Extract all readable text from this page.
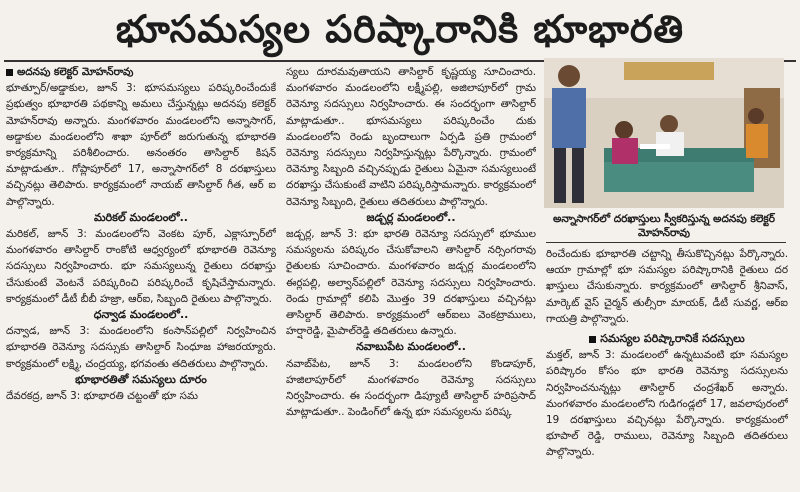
భూసమస్యల పరిష్కారానికి భూభారతి

అదనపు కలెక్టర్ మోహన్‌రావు

భూత్పూర్/అడ్డాకుల, జూన్ 3: భూసమస్యలు పరిష్కరించేందుకే ప్రభుత్వం భూభారతి పథకాన్ని అమలు చేస్తున్నట్లు అదనపు కలెక్టర్ మోహన్‌రావు అన్నారు. మంగళవారం మండలంలోని అన్నాసాగర్, అడ్డాకుల మండలంలోని శాఖా పూర్‌లో జరుగుతున్న భూభారతి కార్యక్రమాన్ని పరిశీలించారు. అనంతరం తాసిల్దార్ కిషన్ మాట్లాడుతూ.. గోప్లాపూర్‌లో 17, అన్నాసాగర్‌లో 8 దరఖాస్తులు వచ్చినట్లు తెలిపారు. కార్యక్రమంలో నాయబ్ తాసిల్దార్ గీత, ఆర్ ఐ పాల్గొన్నారు.

మరికల్ మండలంలో..

మరికల్, జూన్ 3: మండలంలోని వెంకట పూర్, ఎక్లాస్పూర్‌లో మంగళవారం తాసిల్దార్ రాంకోటి ఆధ్వర్యంలో భూభారతి రెవెన్యూ సదస్సులు నిర్వహించారు. భూ సమస్యలున్న రైతులు దరఖాస్తు చేసుకుంటే వెంటనే పరిష్కరించి పరిష్కరించే కృషిచేస్తామన్నారు. కార్యక్రమంలో డీటీ బీబీ హజ్రా, ఆర్ఐ, సిబ్బంది రైతులు పాల్గొన్నారు.

ధన్వాడ మండలంలో..

దన్వాడ, జూన్ 3: మండలంలోని కంసాన్‌పల్లిలో నిర్వహించిన భూభారతి రెవెన్యూ సదస్సుకు తాసిల్దార్ సింధూజ హాజరయ్యారు. కార్యక్రమంలో లక్ష్మి, చంద్రయ్య, భగవంతు తదితరులు పాల్గొన్నారు.

భూభారతితో సమస్యలు దూరం

దేవరకద్ర, జూన్ 3: భూభారతి చట్టంతో భూ సమ

స్యలు దూరమవుతాయని తాసిల్దార్ కృష్ణయ్య సూచించారు. మంగళవారం మండలంలోని లక్ష్మీపల్లి, అజిలాపూర్‌లో గ్రామ రెవెన్యూ సదస్సులు నిర్వహించారు. ఈ సందర్భంగా తాసిల్దార్ మాట్లాడుతూ.. భూసమస్యలు పరిష్కరించేం దుకు మండలంలోని రెండు బృందాలుగా ఏర్పడి ప్రతి గ్రామంలో రెవెన్యూ సదస్సులు నిర్వహిస్తున్నట్లు పేర్కొన్నారు. గ్రామంలో రెవెన్యూ సిబ్బంది వచ్చినప్పుడు రైతులు ఏమైనా సమస్యలుంటే దరఖాస్తు చేసుకుంటే వాటిని పరిష్కరిస్తామన్నారు. కార్యక్రమంలో రెవెన్యూ సిబ్బంది, రైతులు తదితరులు పాల్గొన్నారు.

జడ్చర్ల మండలంలో..

జడ్చర్ల, జూన్ 3: భూ భారతి రెవెన్యూ సదస్సులో భూముల సమస్యలను పరిష్కరం చేసుకోవాలని తాసిల్దార్ నర్సింగరావు రైతులకు సూచించారు. మంగళవారం జడ్చర్ల మండలంలోని ఈర్లపల్లి, అల్వాన్‌పల్లిలో రెవెన్యూ సదస్సులు నిర్వహించారు. రెండు గ్రామాల్లో కలిపి మొత్తం 39 దరఖాస్తులు వచ్చినట్లు తాసిల్దార్ తెలిపారు. కార్యక్రమంలో ఆర్ఐలు వెంకట్రాములు, హర్షారెడ్డి, మైపాల్‌రెడ్డి తదితరులు ఉన్నారు.

నవాబుపేట మండలంలో..

నవాబ్‌పేట, జూన్ 3: మండలంలోని కొండాపూర్, హజిలాపూర్‌లో మంగళవారం రెవెన్యూ సదస్సులు నిర్వహించారు. ఈ సందర్భంగా డిప్యూటీ తాసిల్దార్ హరిప్రసాద్ మాట్లాడుతూ.. పెండింగ్‌లో ఉన్న భూ సమస్యలను పరిష్క

అన్నాసాగర్‌లో దరఖాస్తులు స్వీకరిస్తున్న అదనపు కలెక్టర్ మోహన్‌రావు

రించేందుకు భూభారతి చట్టాన్ని తీసుకొచ్చినట్లు పేర్కొన్నారు. ఆయా గ్రామాల్లో భూ సమస్యల పరిష్కారానికి రైతులు దర ఖాస్తులు చేసుకున్నారు. కార్యక్రమంలో తాసిల్దార్ శ్రీనివాస్, మార్కెట్ వైస్ చైర్మన్ తుల్సీరా మాయక్, డీటీ సువర్ణ, ఆర్ఐ గాయత్రి పాల్గొన్నారు.

సమస్యల పరిష్కారానికే సదస్సులు

మక్తల్, జూన్ 3: మండలంలో ఉన్నటువంటి భూ సమస్యల పరిష్కారం కోసం భూ భారతి రెవెన్యూ సదస్సులను నిర్వహించనున్నట్లు తాసిల్దార్ చంద్రశేఖర్ అన్నారు. మంగళవారం మండలంలోని గుడిగండ్లలో 17, జవలాపురంలో 19 దరఖాస్తులు వచ్చినట్లు పేర్కొన్నారు. కార్యక్రమంలో భూపాల్ రెడ్డి, రాములు, రెవెన్యూ సిబ్బంది తదితరులు పాల్గొన్నారు.
